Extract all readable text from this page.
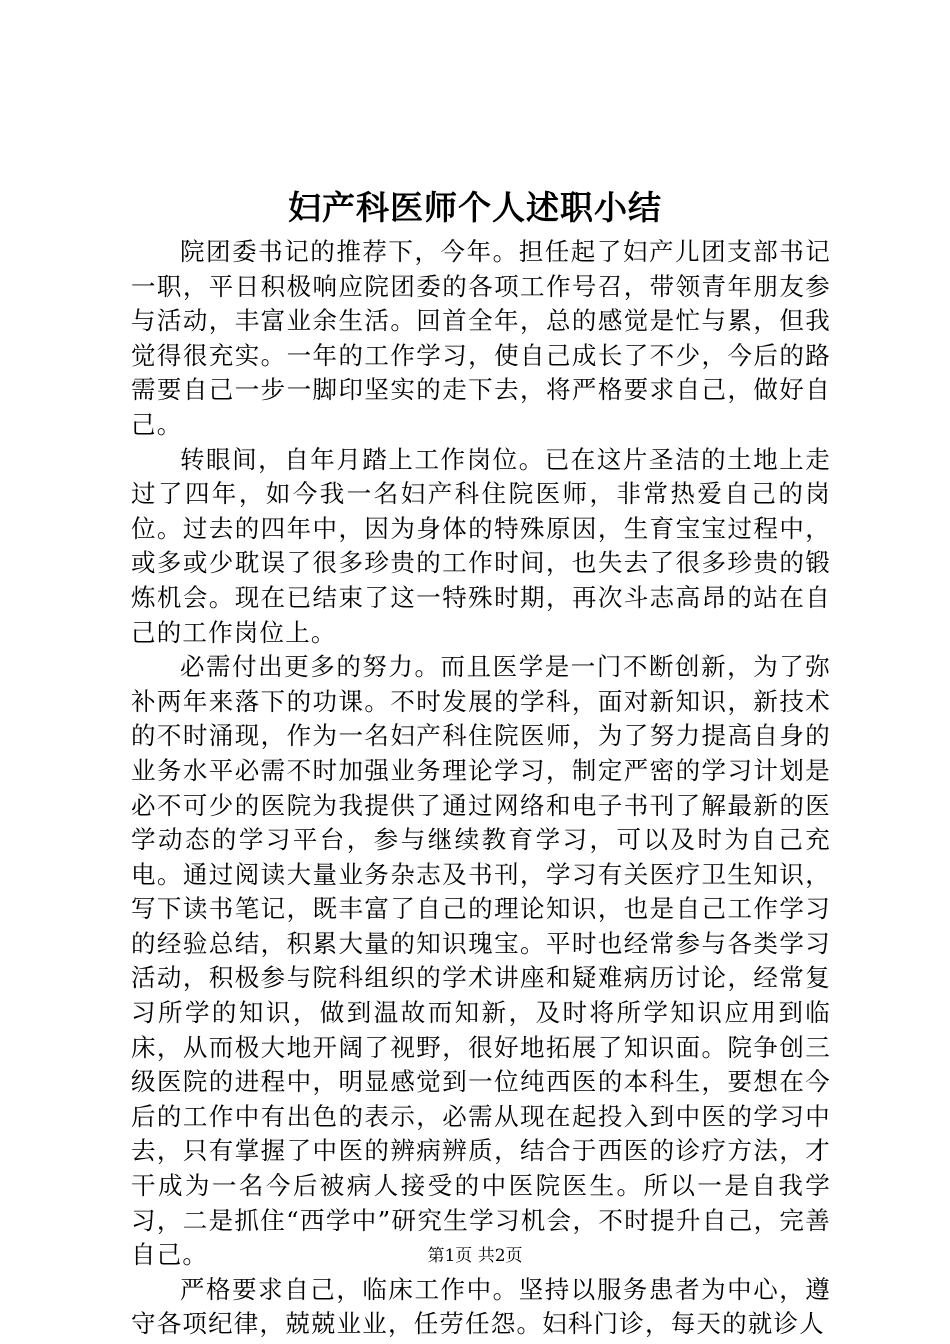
妇产科医师个人述职小结

院团委书记的推荐下，今年。担任起了妇产儿团支部书记一职，平日积极响应院团委的各项工作号召，带领青年朋友参与活动，丰富业余生活。回首全年，总的感觉是忙与累，但我觉得很充实。一年的工作学习，使自己成长了不少，今后的路需要自己一步一脚印坚实的走下去，将严格要求自己，做好自己。

转眼间，自年月踏上工作岗位。已在这片圣洁的土地上走过了四年，如今我一名妇产科住院医师，非常热爱自己的岗位。过去的四年中，因为身体的特殊原因，生育宝宝过程中，或多或少耽误了很多珍贵的工作时间，也失去了很多珍贵的锻炼机会。现在已结束了这一特殊时期，再次斗志高昂的站在自己的工作岗位上。

必需付出更多的努力。而且医学是一门不断创新，为了弥补两年来落下的功课。不时发展的学科，面对新知识，新技术的不时涌现，作为一名妇产科住院医师，为了努力提高自身的业务水平必需不时加强业务理论学习，制定严密的学习计划是必不可少的医院为我提供了通过网络和电子书刊了解最新的医学动态的学习平台，参与继续教育学习，可以及时为自己充电。通过阅读大量业务杂志及书刊，学习有关医疗卫生知识，写下读书笔记，既丰富了自己的理论知识，也是自己工作学习的经验总结，积累大量的知识瑰宝。平时也经常参与各类学习活动，积极参与院科组织的学术讲座和疑难病历讨论，经常复习所学的知识，做到温故而知新，及时将所学知识应用到临床，从而极大地开阔了视野，很好地拓展了知识面。院争创三级医院的进程中，明显感觉到一位纯西医的本科生，要想在今后的工作中有出色的表示，必需从现在起投入到中医的学习中去，只有掌握了中医的辨病辨质，结合于西医的诊疗方法，才干成为一名今后被病人接受的中医院医生。所以一是自我学习，二是抓住“西学中”研究生学习机会，不时提升自己，完善自己。

严格要求自己，临床工作中。坚持以服务患者为中心，遵守各项纪律，兢兢业业，任劳任怨。妇科门诊，每天的就诊人

第1页 共2页
